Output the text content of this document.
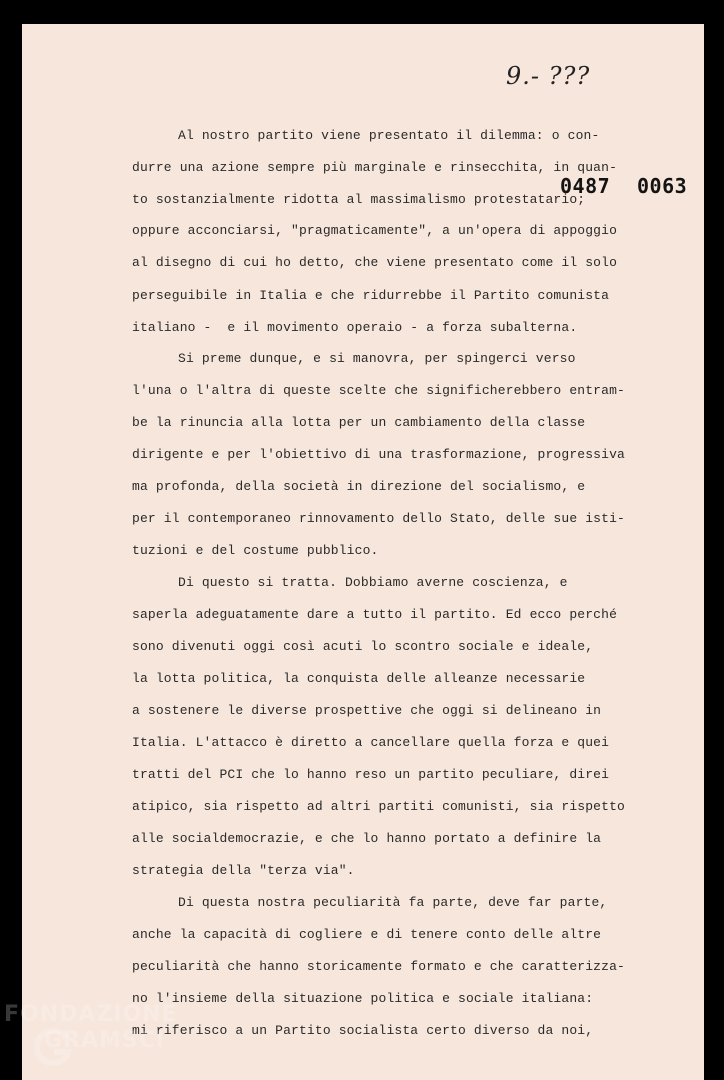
9.- ???
0487 0063
Al nostro partito viene presentato il dilemma: o con-
durre una azione sempre più marginale e rinsecchita, in quan-
to sostanzialmente ridotta al massimalismo protestatario;
oppure acconciarsi, "pragmaticamente", a un'opera di appoggio
al disegno di cui ho detto, che viene presentato come il solo
perseguibile in Italia e che ridurrebbe il Partito comunista
italiano -  e il movimento operaio - a forza subalterna.
Si preme dunque, e si manovra, per spingerci verso
l'una o l'altra di queste scelte che significherebbero entram-
be la rinuncia alla lotta per un cambiamento della classe
dirigente e per l'obiettivo di una trasformazione, progressiva
ma profonda, della società in direzione del socialismo, e
per il contemporaneo rinnovamento dello Stato, delle sue isti-
tuzioni e del costume pubblico.
Di questo si tratta. Dobbiamo averne coscienza, e
saperla adeguatamente dare a tutto il partito. Ed ecco perché
sono divenuti oggi così acuti lo scontro sociale e ideale,
la lotta politica, la conquista delle alleanze necessarie
a sostenere le diverse prospettive che oggi si delineano in
Italia. L'attacco è diretto a cancellare quella forza e quei
tratti del PCI che lo hanno reso un partito peculiare, direi
atipico, sia rispetto ad altri partiti comunisti, sia rispetto
alle socialdemocrazie, e che lo hanno portato a definire la
strategia della "terza via".
Di questa nostra peculiarità fa parte, deve far parte,
anche la capacità di cogliere e di tenere conto delle altre
peculiarità che hanno storicamente formato e che caratterizza-
no l'insieme della situazione politica e sociale italiana:
mi riferisco a un Partito socialista certo diverso da noi,
FONDAZIONE
GRAMSCI
